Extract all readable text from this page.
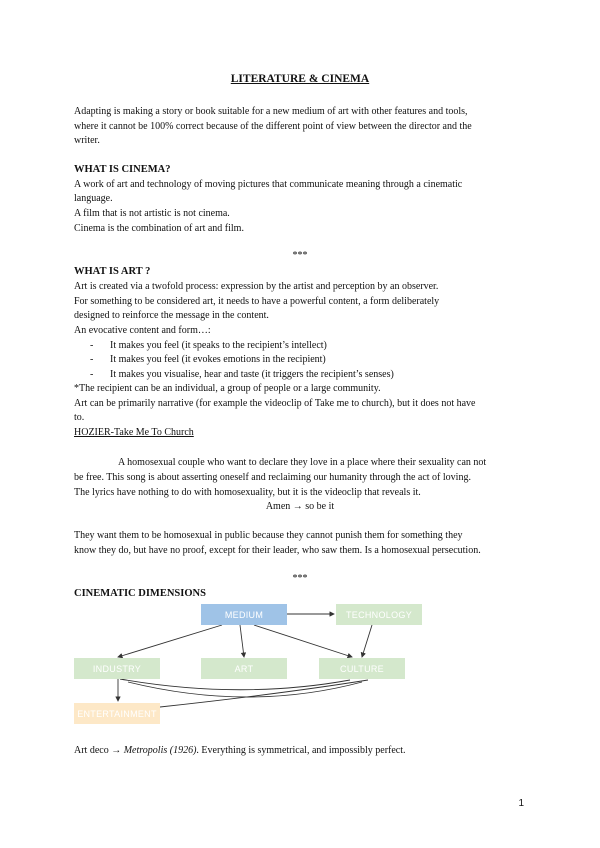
LITERATURE & CINEMA
Adapting is making a story or book suitable for a new medium of art with other features and tools,
where it cannot be 100% correct because of the different point of view between the director and the
writer.
WHAT IS CINEMA?
A work of art and technology of moving pictures that communicate meaning through a cinematic
language.
A film that is not artistic is not cinema.
Cinema is the combination of art and film.
***
WHAT IS ART ?
Art is created via a twofold process: expression by the artist and perception by an observer.
For something to be considered art, it needs to have a powerful content, a form deliberately
designed to reinforce the message in the content.
An evocative content and form…:
- It makes you feel (it speaks to the recipient’s intellect)
- It makes you feel (it evokes emotions in the recipient)
- It makes you visualise, hear and taste (it triggers the recipient’s senses)
*The recipient can be an individual, a group of people or a large community.
Art can be primarily narrative (for example the videoclip of Take me to church), but it does not have
to.
HOZIER-Take Me To Church
A homosexual couple who want to declare they love in a place where their sexuality can not
be free. This song is about asserting oneself and reclaiming our humanity through the act of loving.
The lyrics have nothing to do with homosexuality, but it is the videoclip that reveals it.
Amen → so be it
They want them to be homosexual in public because they cannot punish them for something they
know they do, but have no proof, except for their leader, who saw them. Is a homosexual persecution.
***
CINEMATIC DIMENSIONS
MEDIUM	TECHNOLOGY
INDUSTRY	ART	CULTURE
ENTERTAINMENT
Art deco → Metropolis (1926). Everything is symmetrical, and impossibly perfect.
1
